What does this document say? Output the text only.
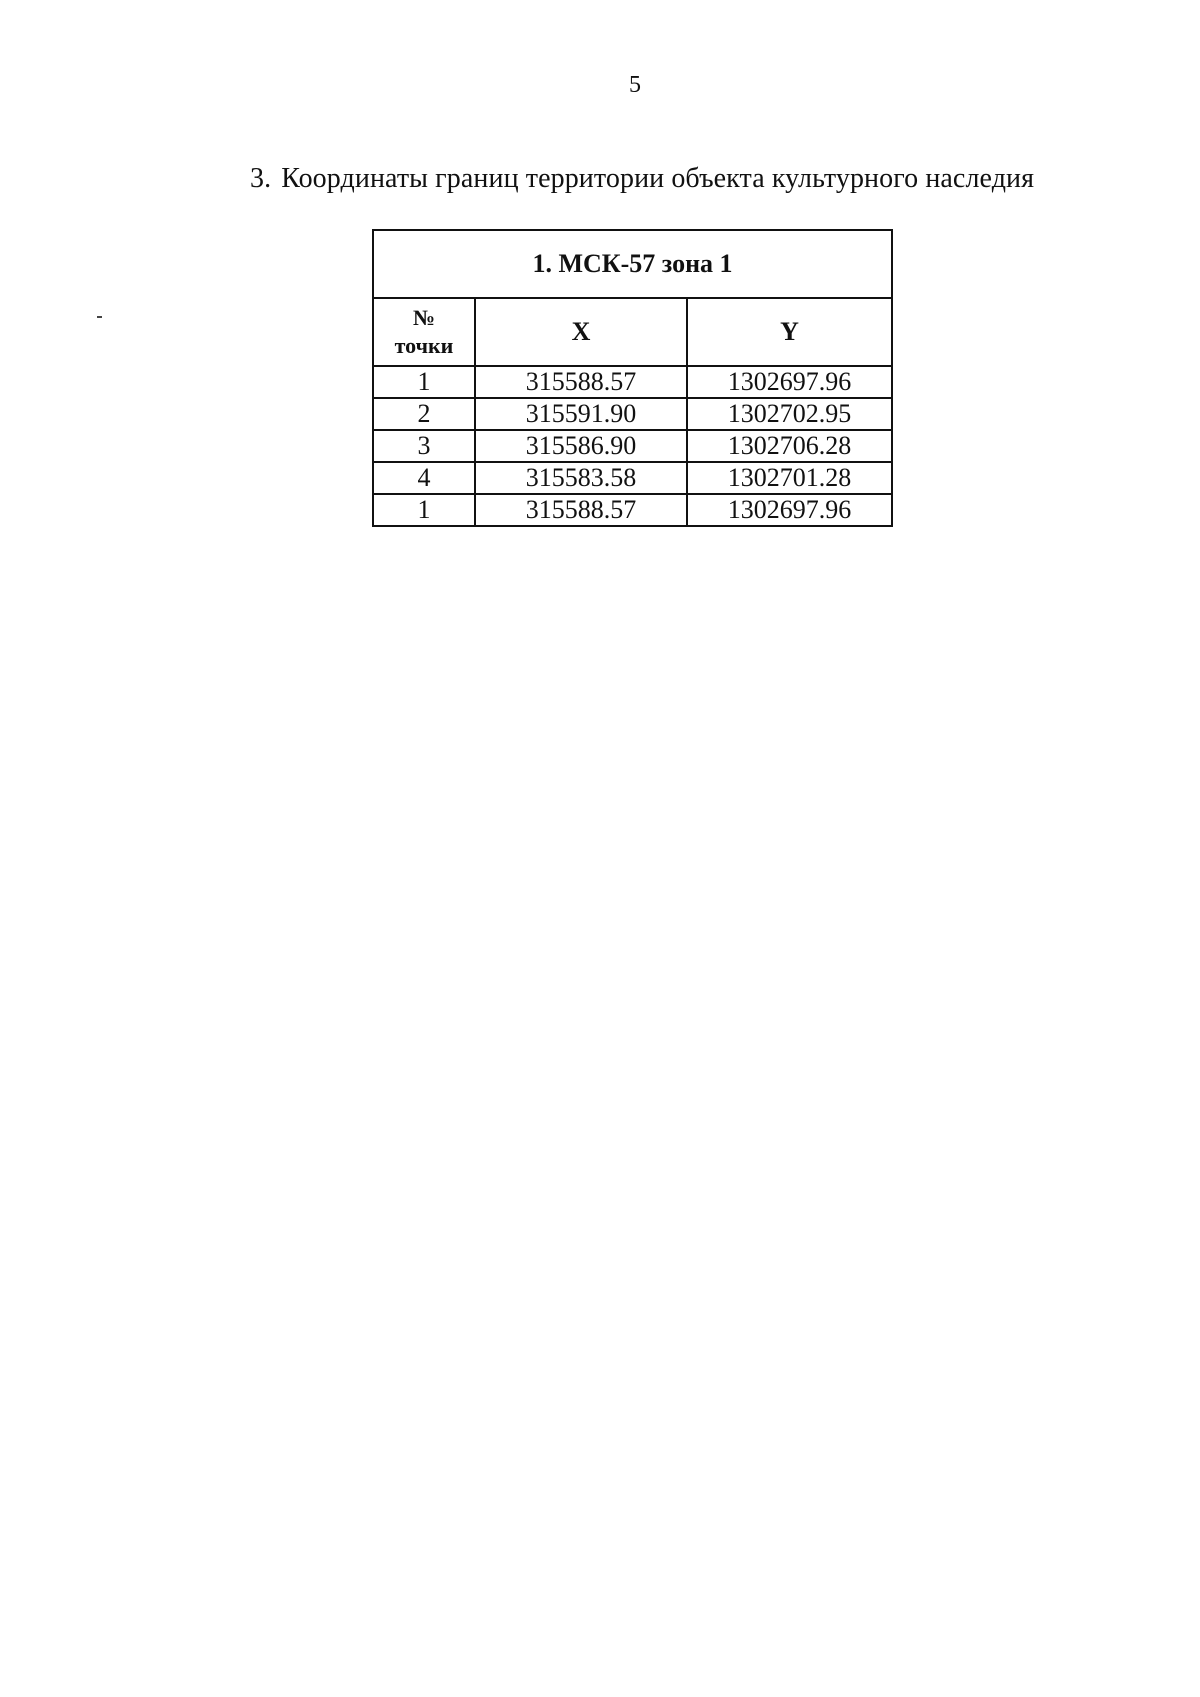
5
3. Координаты границ территории объекта культурного наследия
1. МСК-57 зона 1		

№
точки	X	Y
1	315588.57	1302697.96
2	315591.90	1302702.95
3	315586.90	1302706.28
4	315583.58	1302701.28
1	315588.57	1302697.96
